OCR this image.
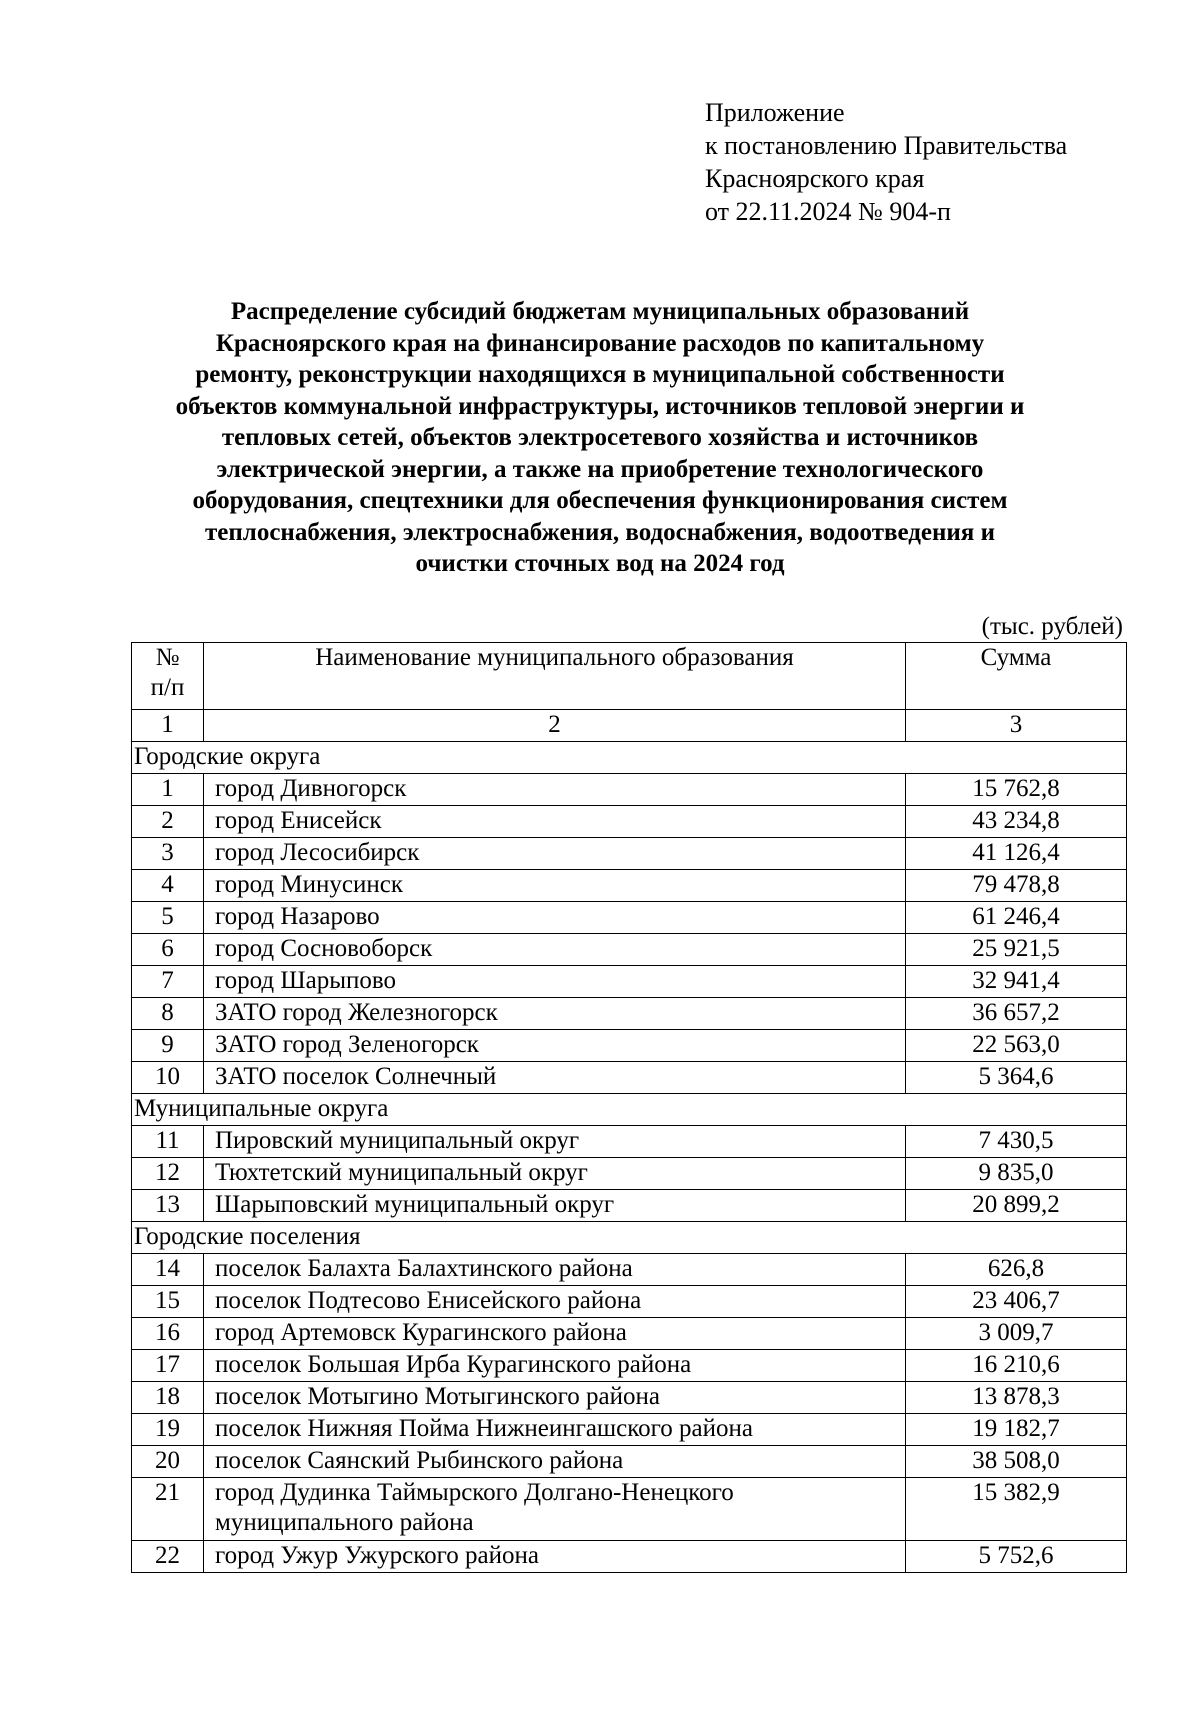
Приложение
к постановлению Правительства
Красноярского края
от 22.11.2024 № 904-п
Распределение субсидий бюджетам муниципальных образований
Красноярского края на финансирование расходов по капитальному
ремонту, реконструкции находящихся в муниципальной собственности
объектов коммунальной инфраструктуры, источников тепловой энергии и
тепловых сетей, объектов электросетевого хозяйства и источников
электрической энергии, а также на приобретение технологического
оборудования, спецтехники для обеспечения функционирования систем
теплоснабжения, электроснабжения, водоснабжения, водоотведения и
очистки сточных вод на 2024 год
(тыс. рублей)
№
п/п	Наименование муниципального образования	Сумма
1	2	3
Городские округа		
1	город Дивногорск	15 762,8
2	город Енисейск	43 234,8
3	город Лесосибирск	41 126,4
4	город Минусинск	79 478,8
5	город Назарово	61 246,4
6	город Сосновоборск	25 921,5
7	город Шарыпово	32 941,4
8	ЗАТО город Железногорск	36 657,2
9	ЗАТО город Зеленогорск	22 563,0
10	ЗАТО поселок Солнечный	5 364,6
Муниципальные округа		
11	Пировский муниципальный округ	7 430,5
12	Тюхтетский муниципальный округ	9 835,0
13	Шарыповский муниципальный округ	20 899,2
Городские поселения		
14	поселок Балахта Балахтинского района	626,8
15	поселок Подтесово Енисейского района	23 406,7
16	город Артемовск Курагинского района	3 009,7
17	поселок Большая Ирба Курагинского района	16 210,6
18	поселок Мотыгино Мотыгинского района	13 878,3
19	поселок Нижняя Пойма Нижнеингашского района	19 182,7
20	поселок Саянский Рыбинского района	38 508,0
21	город Дудинка Таймырского Долгано-Ненецкого
муниципального района	15 382,9
22	город Ужур Ужурского района	5 752,6
